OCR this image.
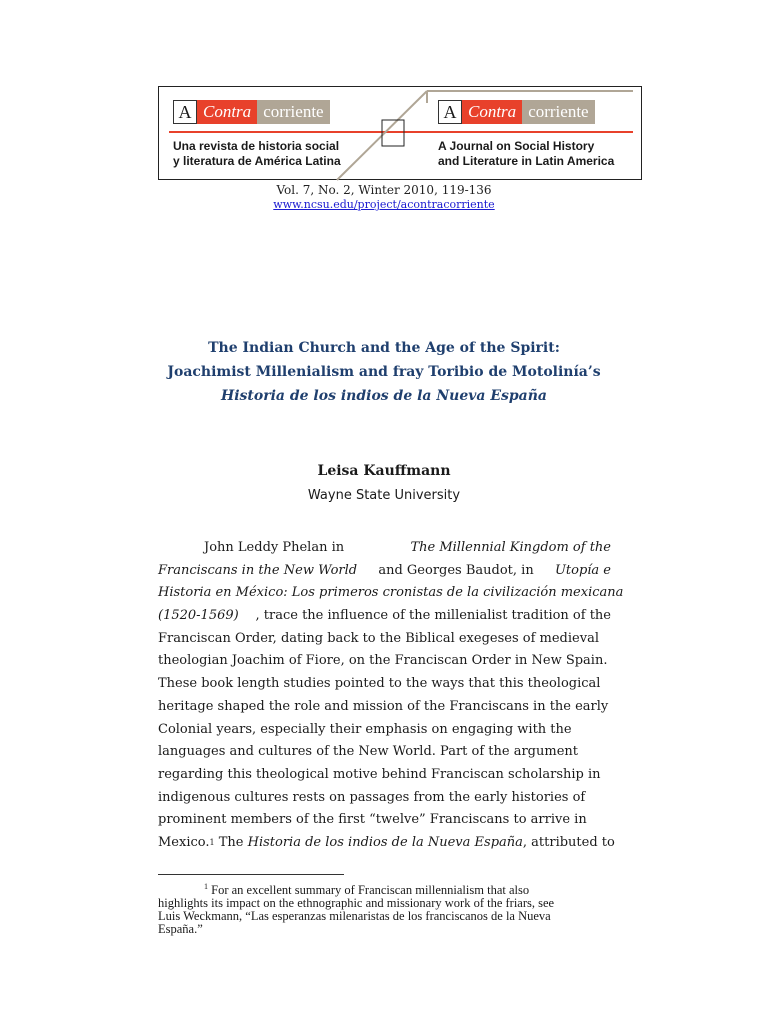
A Contra corriente
Una revista de historia social
y literatura de América Latina
A Contra corriente
A Journal on Social History
and Literature in Latin America
Vol. 7, No. 2, Winter 2010, 119-136
www.ncsu.edu/project/acontracorriente
The Indian Church and the Age of the Spirit:
Joachimist Millenialism and fray Toribio de Motolinía’s
Historia de los indios de la Nueva España
Leisa Kauffmann
Wayne State University
John Leddy Phelan in	The Millennial Kingdom of the
Franciscans in the New World and Georges Baudot, in Utopía e
Historia en México: Los primeros cronistas de la civilización mexicana
(1520-1569) , trace the influence of the millenialist tradition of the
Franciscan Order, dating back to the Biblical exegeses of medieval
theologian Joachim of Fiore, on the Franciscan Order in New Spain.
These book length studies pointed to the ways that this theological
heritage shaped the role and mission of the Franciscans in the early
Colonial years, especially their emphasis on engaging with the
languages and cultures of the New World. Part of the argument
regarding this theological motive behind Franciscan scholarship in
indigenous cultures rests on passages from the early histories of
prominent members of the first “twelve” Franciscans to arrive in
Mexico. 1 The Historia de los indios de la Nueva España , attributed to
$^1$ For an excellent summary of Franciscan millennialism that also
highlights its impact on the ethnographic and missionary work of the friars, see
Luis Weckmann, “Las esperanzas milenaristas de los franciscanos de la Nueva
España.”
